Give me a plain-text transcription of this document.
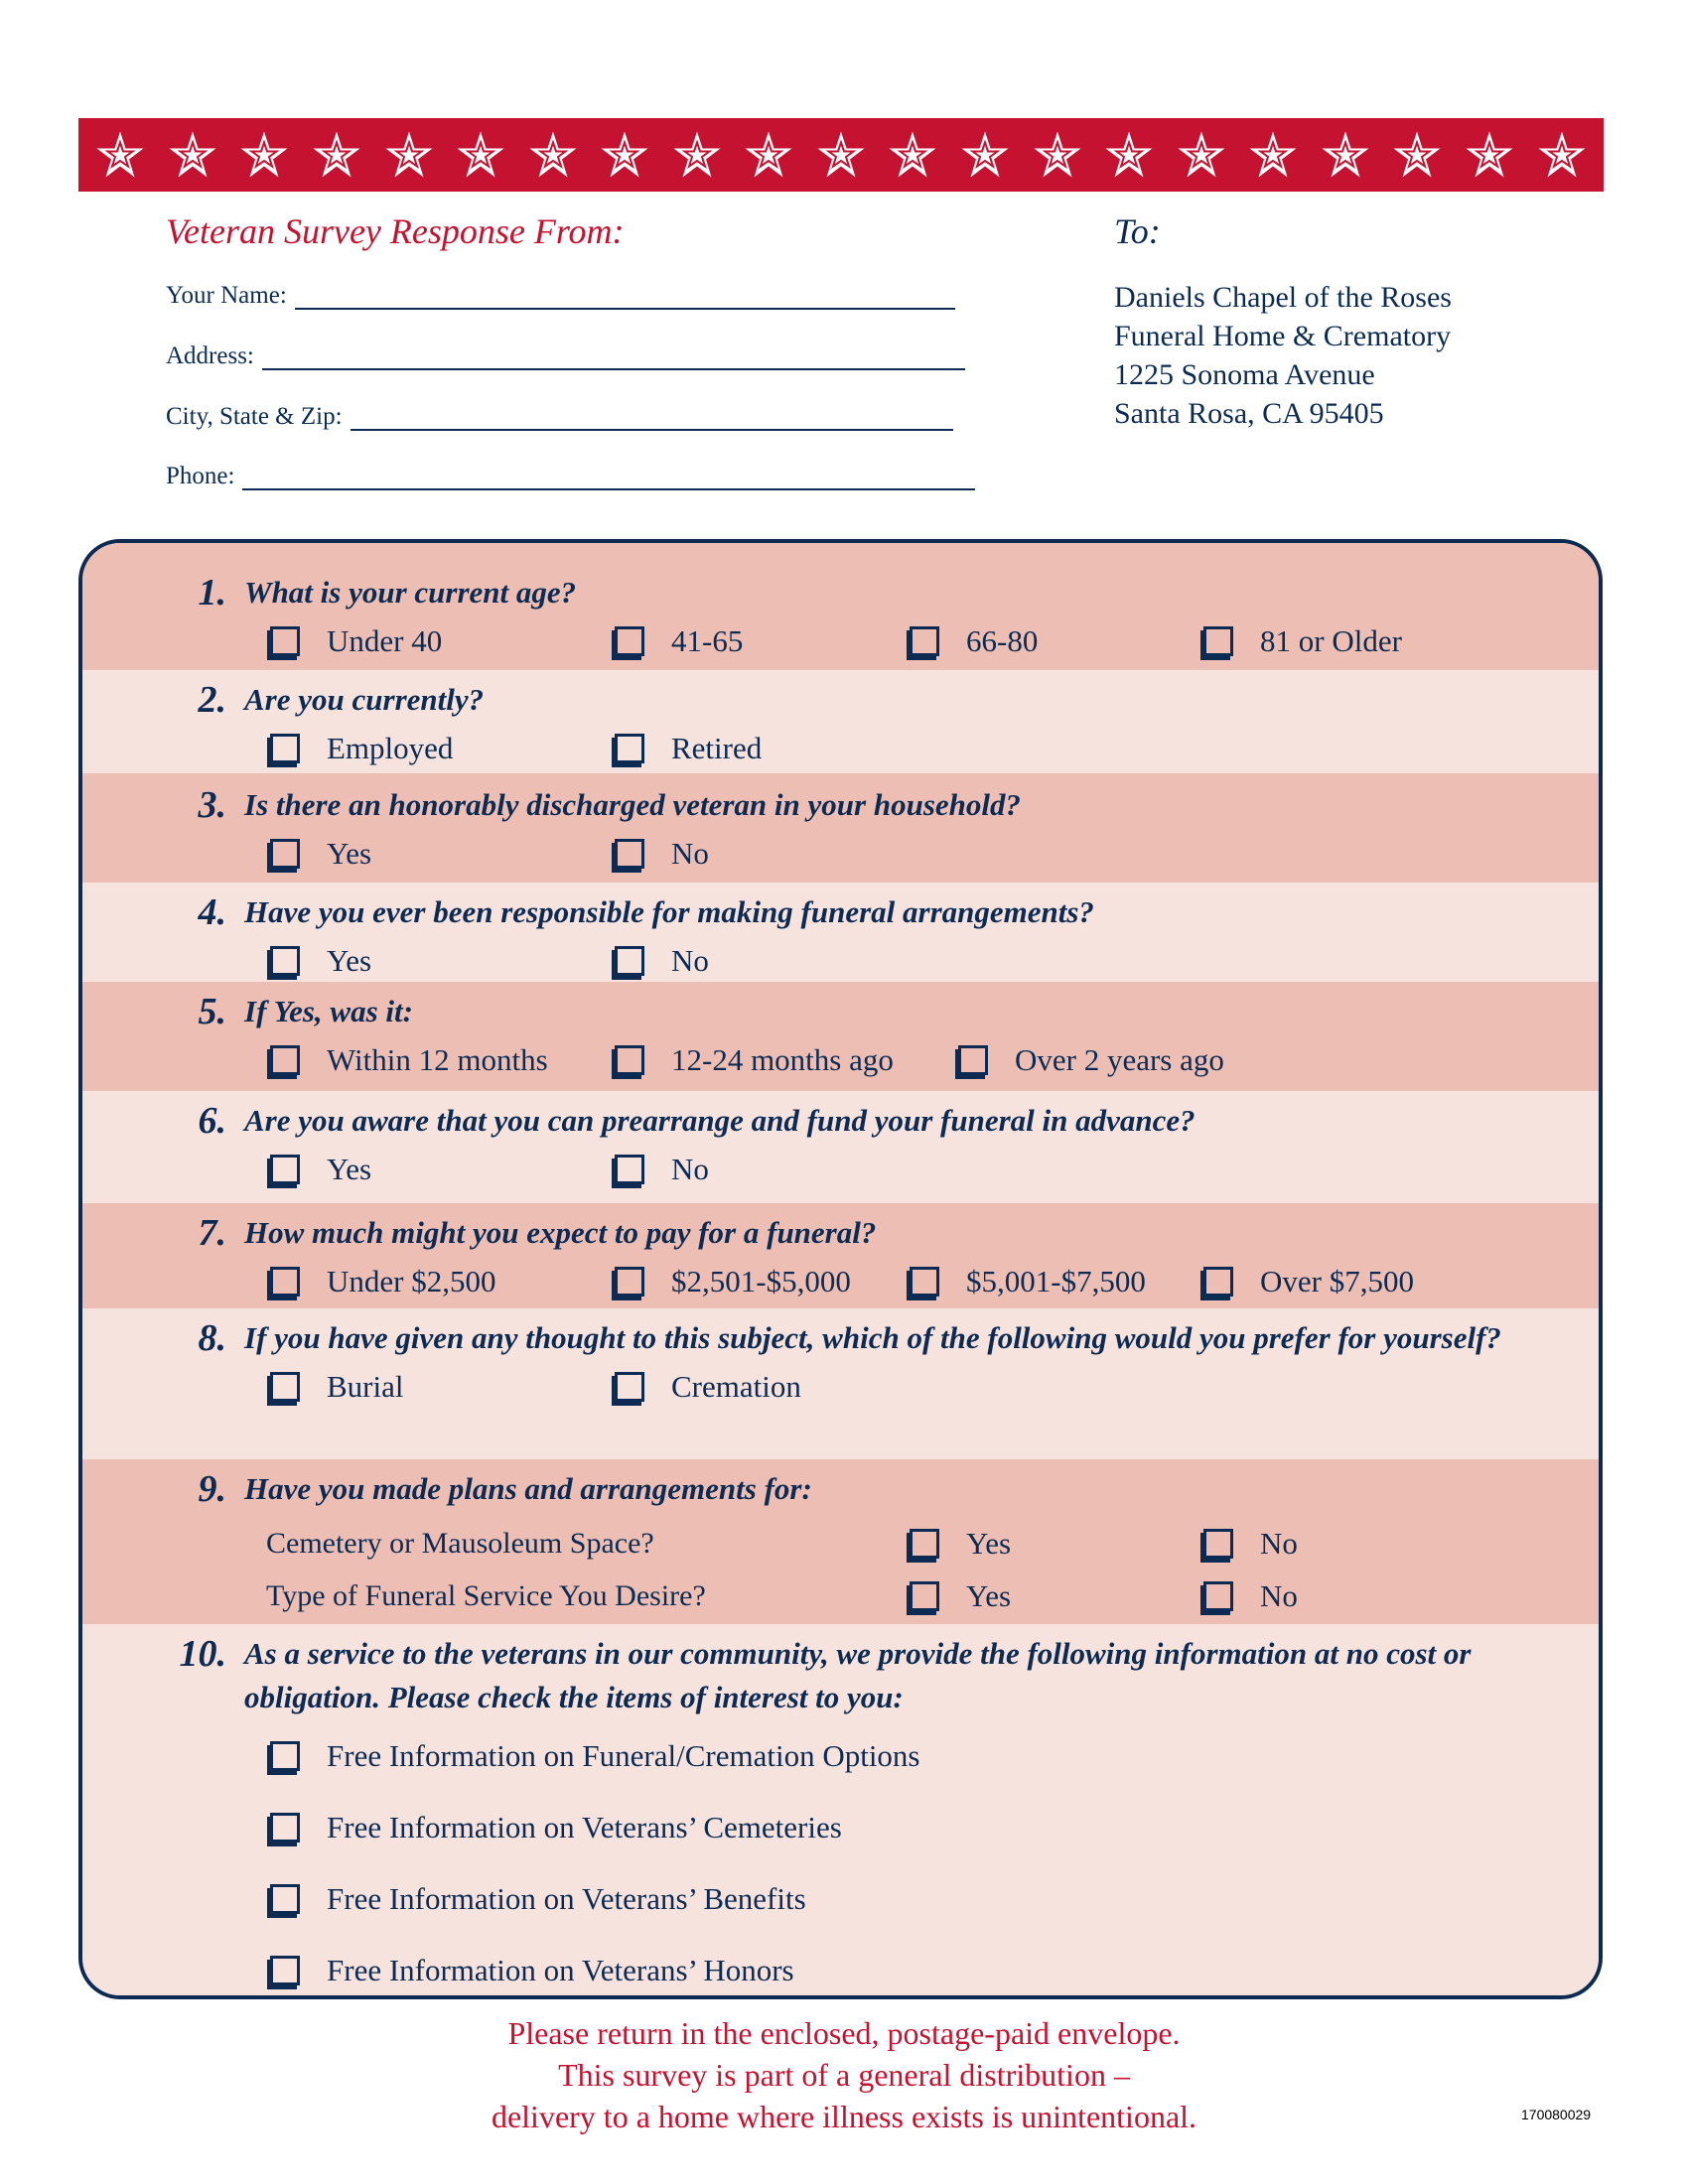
Veteran Survey Response From:	To:
Your Name:
Address:
City, State & Zip:
Phone:
Daniels Chapel of the Roses
Funeral Home & Crematory
1225 Sonoma Avenue
Santa Rosa, CA 95405
1. What is your current age?
Under 40	41-65	66-80	81 or Older
2. Are you currently?
Employed	Retired
3. Is there an honorably discharged veteran in your household?
Yes	No
4. Have you ever been responsible for making funeral arrangements?
Yes	No
5. If Yes, was it:
Within 12 months	12-24 months ago	Over 2 years ago
6. Are you aware that you can prearrange and fund your funeral in advance?
Yes	No
7. How much might you expect to pay for a funeral?
Under $2,500	$2,501-$5,000	$5,001-$7,500	Over $7,500
8. If you have given any thought to this subject, which of the following would you prefer for yourself?
Burial	Cremation
9. Have you made plans and arrangements for:
Cemetery or Mausoleum Space?	Yes	No
Type of Funeral Service You Desire?	Yes	No
10. As a service to the veterans in our community, we provide the following information at no cost or obligation. Please check the items of interest to you:
Free Information on Funeral/Cremation Options
Free Information on Veterans’ Cemeteries
Free Information on Veterans’ Benefits
Free Information on Veterans’ Honors
Please return in the enclosed, postage-paid envelope.
This survey is part of a general distribution –
delivery to a home where illness exists is unintentional.	170080029
